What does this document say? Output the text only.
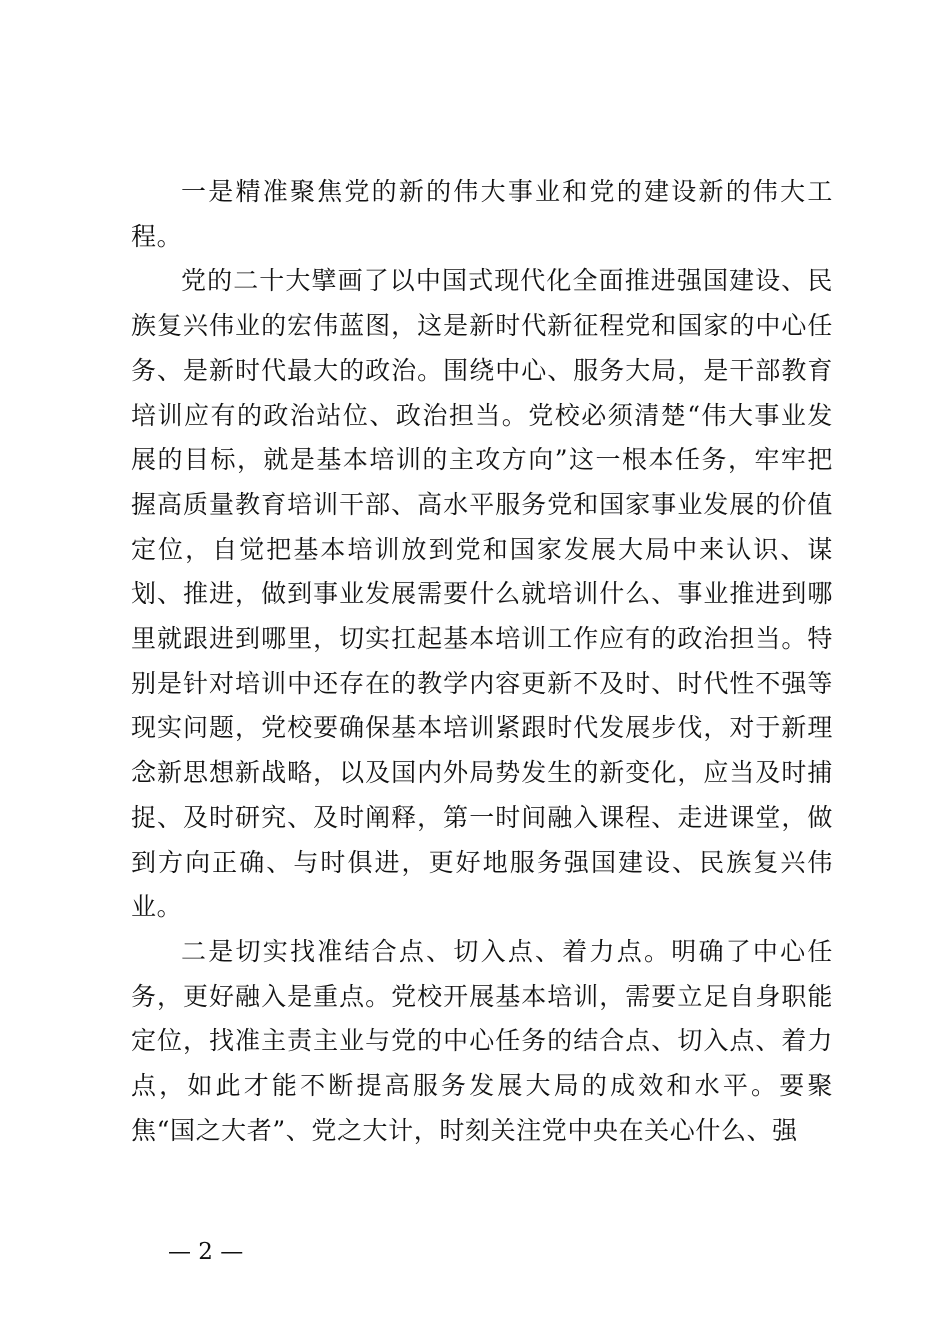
一是精准聚焦党的新的伟大事业和党的建设新的伟大工程。

党的二十大擘画了以中国式现代化全面推进强国建设、民族复兴伟业的宏伟蓝图，这是新时代新征程党和国家的中心任务、是新时代最大的政治。围绕中心、服务大局，是干部教育培训应有的政治站位、政治担当。党校必须清楚“伟大事业发展的目标，就是基本培训的主攻方向”这一根本任务，牢牢把握高质量教育培训干部、高水平服务党和国家事业发展的价值定位，自觉把基本培训放到党和国家发展大局中来认识、谋划、推进，做到事业发展需要什么就培训什么、事业推进到哪里就跟进到哪里，切实扛起基本培训工作应有的政治担当。特别是针对培训中还存在的教学内容更新不及时、时代性不强等现实问题，党校要确保基本培训紧跟时代发展步伐，对于新理念新思想新战略，以及国内外局势发生的新变化，应当及时捕捉、及时研究、及时阐释，第一时间融入课程、走进课堂，做到方向正确、与时俱进，更好地服务强国建设、民族复兴伟业。

二是切实找准结合点、切入点、着力点。明确了中心任务，更好融入是重点。党校开展基本培训，需要立足自身职能定位，找准主责主业与党的中心任务的结合点、切入点、着力点，如此才能不断提高服务发展大局的成效和水平。要聚焦“国之大者”、党之大计，时刻关注党中央在关心什么、强

— 2 —
